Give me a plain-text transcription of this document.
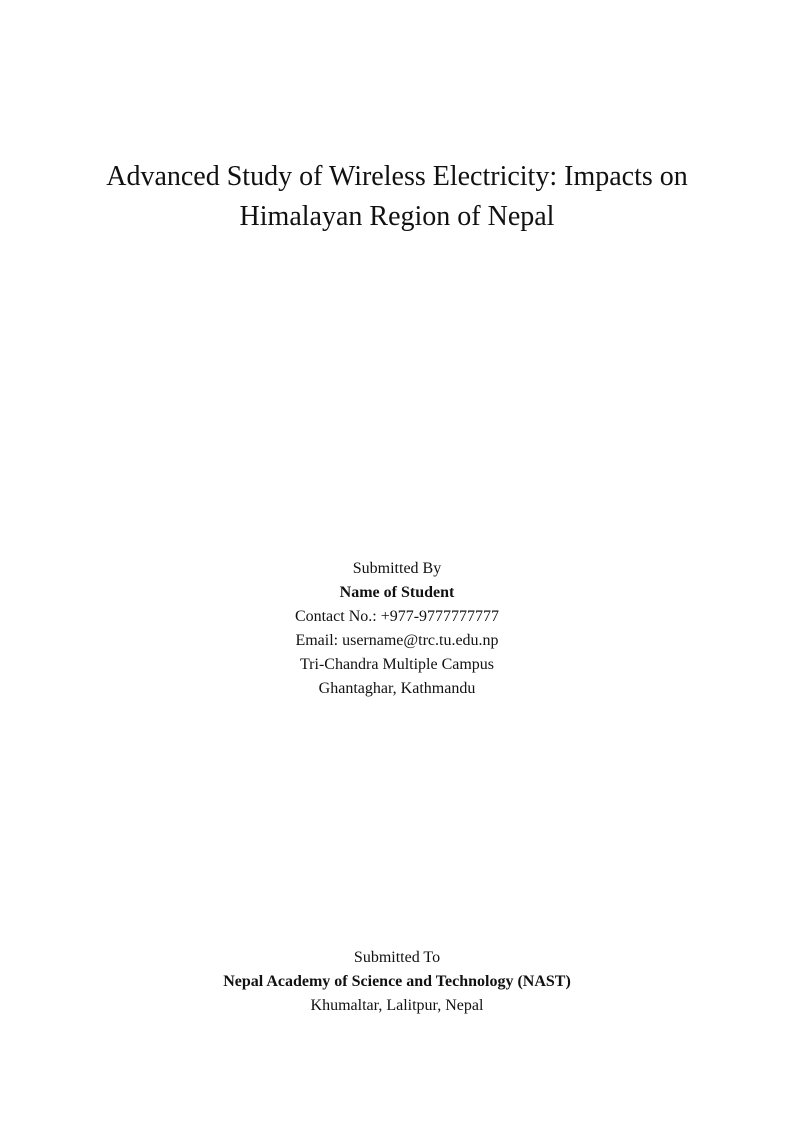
Advanced Study of Wireless Electricity: Impacts on
Himalayan Region of Nepal
Submitted By
Name of Student
Contact No.: +977-9777777777
Email: username@trc.tu.edu.np
Tri-Chandra Multiple Campus
Ghantaghar, Kathmandu
Submitted To
Nepal Academy of Science and Technology (NAST)
Khumaltar, Lalitpur, Nepal
